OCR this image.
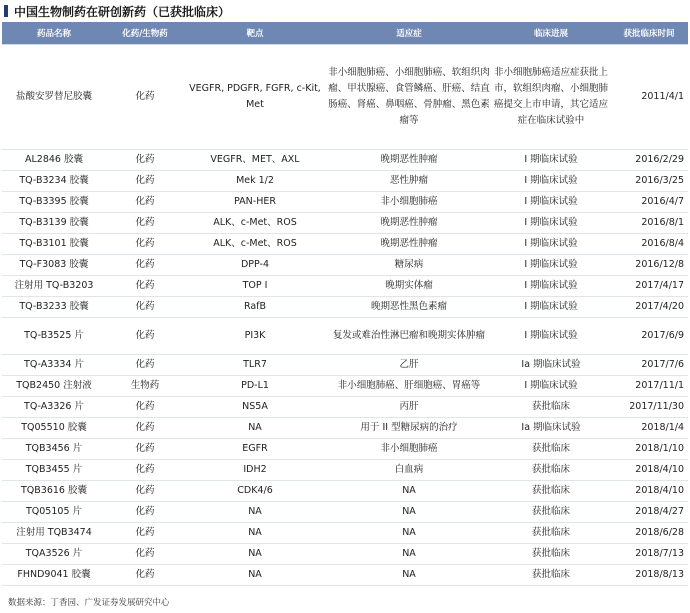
中国生物制药在研创新药（已获批临床）
药品名称	化药/生物药	靶点	适应症	临床进展	获批临床时间
盐酸安罗替尼胶囊	化药	VEGFR, PDGFR, FGFR, c-Kit, Met	非小细胞肺癌、小细胞肺癌、软组织肉瘤、甲状腺癌、食管鳞癌、肝癌、结直肠癌、肾癌、鼻咽癌、骨肿瘤、黑色素瘤等	非小细胞肺癌适应症获批上市，软组织肉瘤、小细胞肺癌提交上市申请，其它适应症在临床试验中	2011/4/1
AL2846 胶囊	化药	VEGFR、MET、AXL	晚期恶性肿瘤	I 期临床试验	2016/2/29
TQ-B3234 胶囊	化药	Mek 1/2	恶性肿瘤	I 期临床试验	2016/3/25
TQ-B3395 胶囊	化药	PAN-HER	非小细胞肺癌	I 期临床试验	2016/4/7
TQ-B3139 胶囊	化药	ALK、c-Met、ROS	晚期恶性肿瘤	I 期临床试验	2016/8/1
TQ-B3101 胶囊	化药	ALK、c-Met、ROS	晚期恶性肿瘤	I 期临床试验	2016/8/4
TQ-F3083 胶囊	化药	DPP-4	糖尿病	I 期临床试验	2016/12/8
注射用 TQ-B3203	化药	TOP I	晚期实体瘤	I 期临床试验	2017/4/17
TQ-B3233 胶囊	化药	RafB	晚期恶性黑色素瘤	I 期临床试验	2017/4/20
TQ-B3525 片	化药	PI3K	复发或难治性淋巴瘤和晚期实体肿瘤	I 期临床试验	2017/6/9
TQ-A3334 片	化药	TLR7	乙肝	Ia 期临床试验	2017/7/6
TQB2450 注射液	生物药	PD-L1	非小细胞肺癌、肝细胞癌、胃癌等	I 期临床试验	2017/11/1
TQ-A3326 片	化药	NS5A	丙肝	获批临床	2017/11/30
TQ05510 胶囊	化药	NA	用于 II 型糖尿病的治疗	Ia 期临床试验	2018/1/4
TQB3456 片	化药	EGFR	非小细胞肺癌	获批临床	2018/1/10
TQB3455 片	化药	IDH2	白血病	获批临床	2018/4/10
TQB3616 胶囊	化药	CDK4/6	NA	获批临床	2018/4/10
TQ05105 片	化药	NA	NA	获批临床	2018/4/27
注射用 TQB3474	化药	NA	NA	获批临床	2018/6/28
TQA3526 片	化药	NA	NA	获批临床	2018/7/13
FHND9041 胶囊	化药	NA	NA	获批临床	2018/8/13
数据来源：丁香园、广发证券发展研究中心
